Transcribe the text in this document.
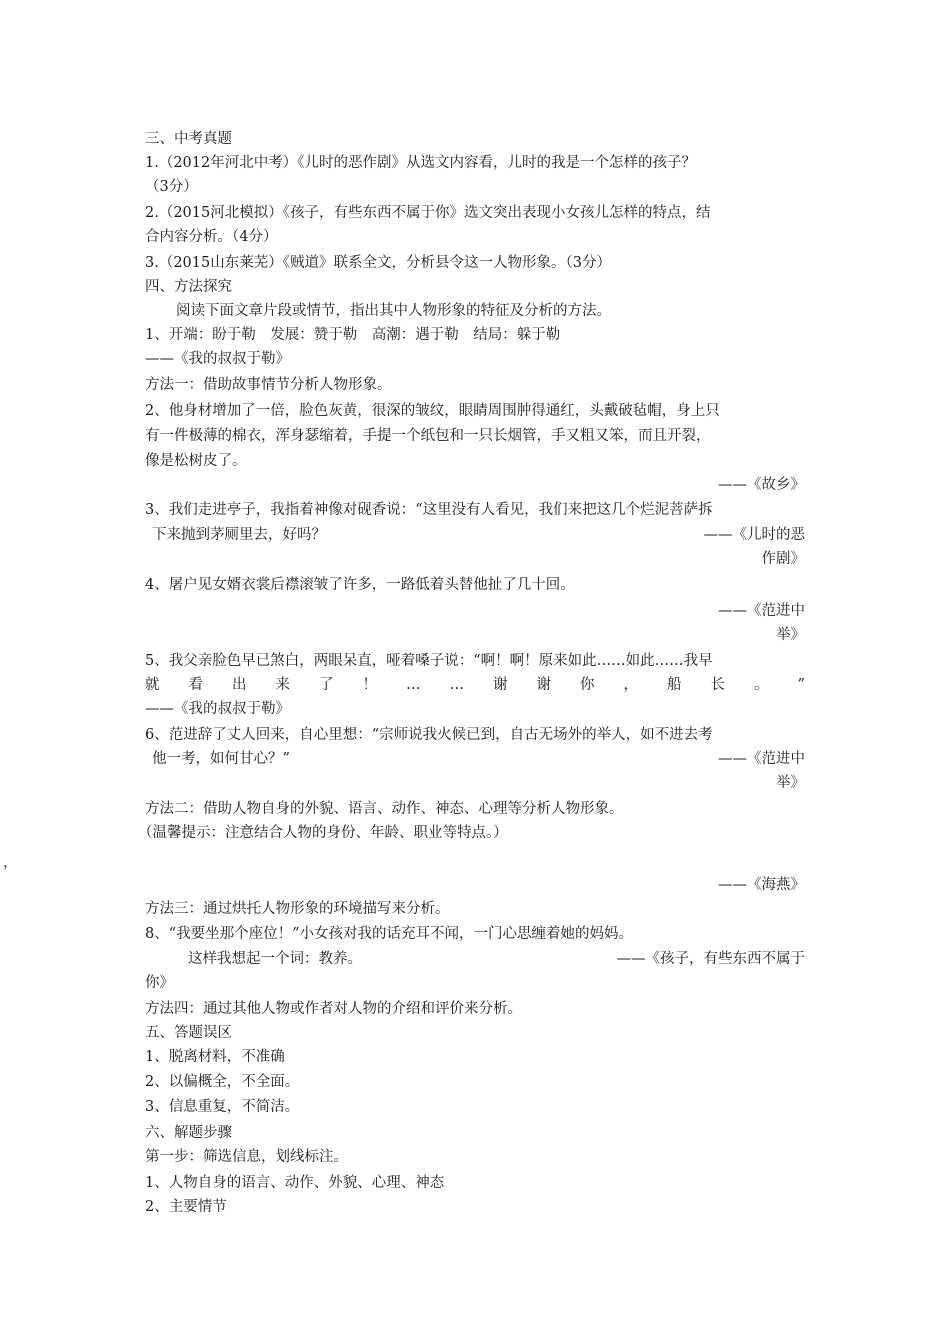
三、中考真题
1.（2012年河北中考）《儿时的恶作剧》从选文内容看，儿时的我是一个怎样的孩子？
（3分）
2.（2015河北模拟）《孩子，有些东西不属于你》选文突出表现小女孩儿怎样的特点，结
合内容分析。（4分）
3.（2015山东莱芜）《贼道》联系全文，分析县令这一人物形象。（3分）
四、方法探究
阅读下面文章片段或情节，指出其中人物形象的特征及分析的方法。
1、开端：盼于勒　发展：赞于勒　高潮：遇于勒　结局：躲于勒
——《我的叔叔于勒》
方法一：借助故事情节分析人物形象。
2、他身材增加了一倍，脸色灰黄，很深的皱纹，眼睛周围肿得通红，头戴破毡帽，身上只
有一件极薄的棉衣，浑身瑟缩着，手提一个纸包和一只长烟管，手又粗又笨，而且开裂，
像是松树皮了。
——《故乡》
3、我们走进亭子，我指着神像对砚香说：“这里没有人看见，我们来把这几个烂泥菩萨拆
下来抛到茅厕里去，好吗？	——《儿时的恶
作剧》
4、屠户见女婿衣裳后襟滚皱了许多，一路低着头替他扯了几十回。
——《范进中
举》
5、我父亲脸色早已煞白，两眼呆直，哑着嗓子说：“啊！啊！原来如此……如此……我早
就 看 出 来 了 ！ … … 谢 谢 你 ， 船 长 。 ”
——《我的叔叔于勒》
6、范进辞了丈人回来，自心里想：“宗师说我火候已到，自古无场外的举人，如不进去考
他一考，如何甘心？”	——《范进中
举》
方法二：借助人物自身的外貌、语言、动作、神态、心理等分析人物形象。
（温馨提示：注意结合人物的身份、年龄、职业等特点。）
，
——《海燕》
方法三：通过烘托人物形象的环境描写来分析。
8、“我要坐那个座位！”小女孩对我的话充耳不闻，一门心思缠着她的妈妈。
这样我想起一个词：教养。	——《孩子，有些东西不属于
你》
方法四：通过其他人物或作者对人物的介绍和评价来分析。
五、答题误区
1、脱离材料，不准确
2、以偏概全，不全面。
3、信息重复，不简洁。
六、解题步骤
第一步：筛选信息，划线标注。
1、人物自身的语言、动作、外貌、心理、神态
2、主要情节
